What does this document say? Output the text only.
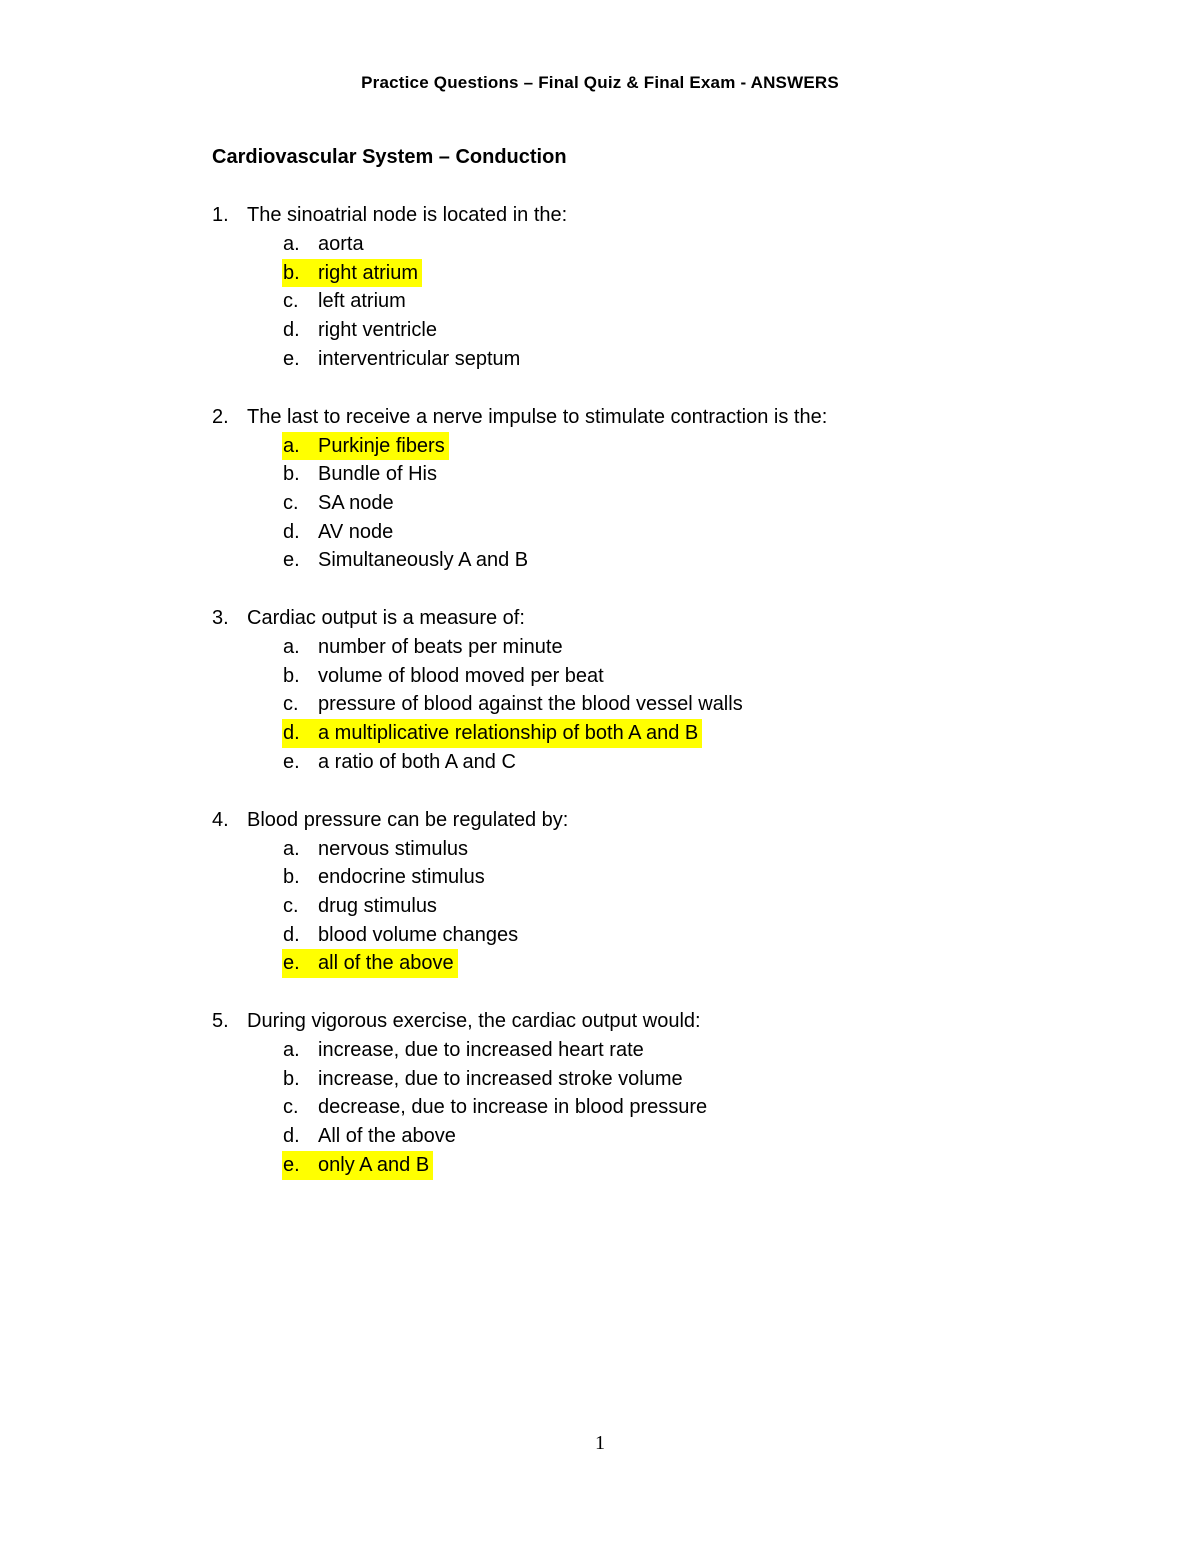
Practice Questions – Final Quiz & Final Exam - ANSWERS
Cardiovascular System – Conduction
1. The sinoatrial node is located in the:
a. aorta
b. right atrium
c. left atrium
d. right ventricle
e. interventricular septum
2. The last to receive a nerve impulse to stimulate contraction is the:
a. Purkinje fibers
b. Bundle of His
c. SA node
d. AV node
e. Simultaneously A and B
3. Cardiac output is a measure of:
a. number of beats per minute
b. volume of blood moved per beat
c. pressure of blood against the blood vessel walls
d. a multiplicative relationship of both A and B
e. a ratio of both A and C
4. Blood pressure can be regulated by:
a. nervous stimulus
b. endocrine stimulus
c. drug stimulus
d. blood volume changes
e. all of the above
5. During vigorous exercise, the cardiac output would:
a. increase, due to increased heart rate
b. increase, due to increased stroke volume
c. decrease, due to increase in blood pressure
d. All of the above
e. only A and B
1
